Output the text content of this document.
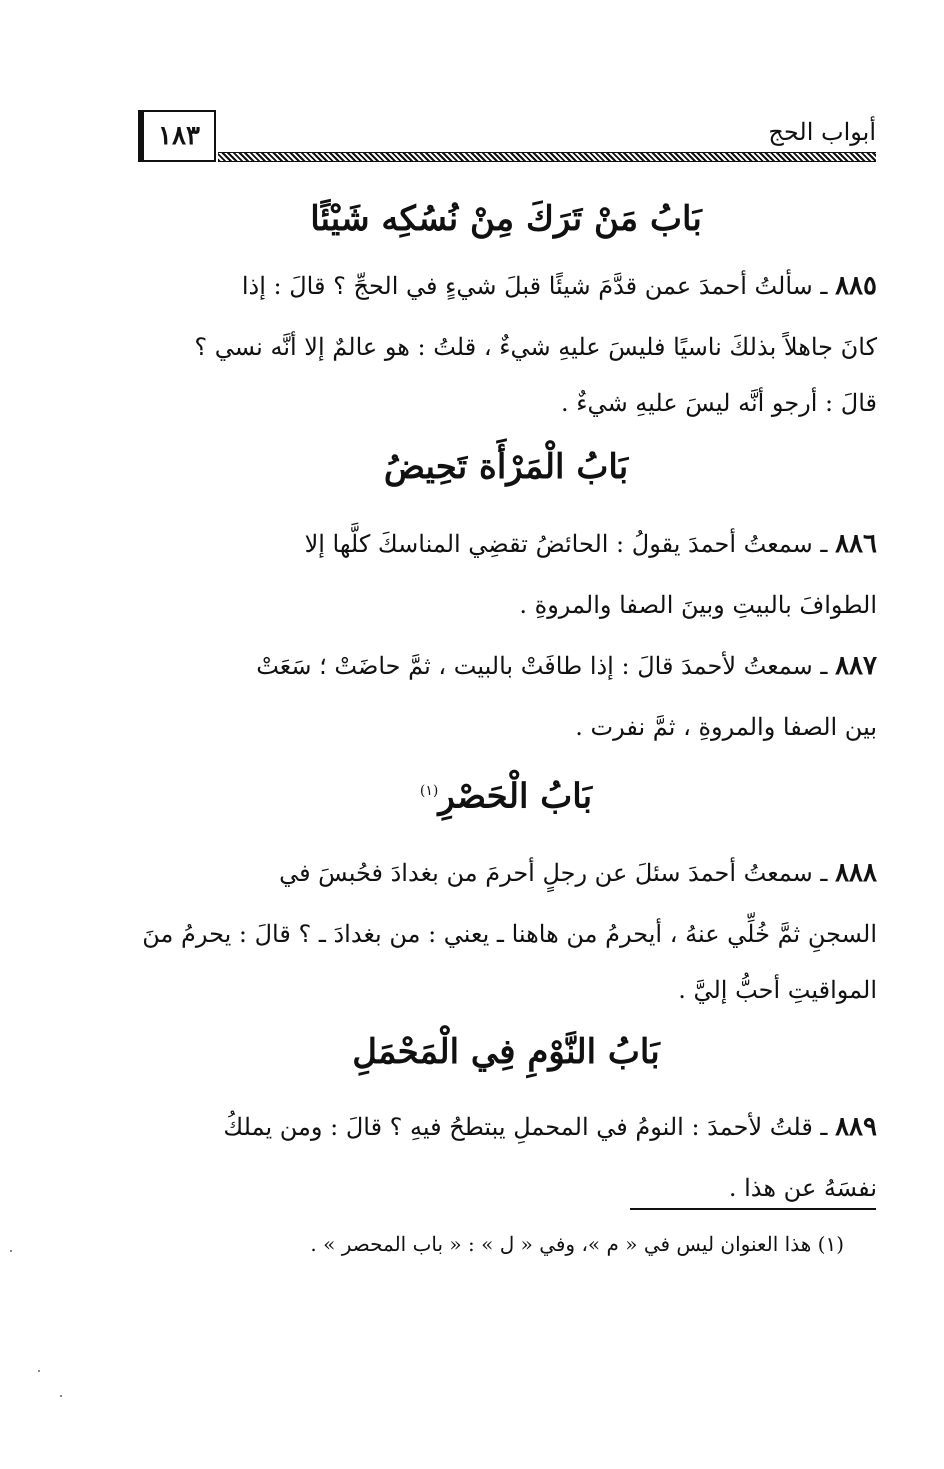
١٨٣	أبواب الحج
بَابُ مَنْ تَرَكَ مِنْ نُسُكِه شَيْئًا

٨٨٥ ـ سألتُ أحمدَ عمن قدَّمَ شيئًا قبلَ شيءٍ في الحجِّ ؟ قالَ : إذا

كانَ جاهلاً بذلكَ ناسيًا فليسَ عليهِ شيءٌ ، قلتُ : هو عالمٌ إلا أنَّه نسي ؟

قالَ : أرجو أنَّه ليسَ عليهِ شيءٌ .

بَابُ الْمَرْأَة تَحِيضُ

٨٨٦ ـ سمعتُ أحمدَ يقولُ : الحائضُ تقضِي المناسكَ كلَّها إلا

الطوافَ بالبيتِ وبينَ الصفا والمروةِ .

٨٨٧ ـ سمعتُ لأحمدَ قالَ : إذا طافَتْ بالبيت ، ثمَّ حاضَتْ ؛ سَعَتْ

بين الصفا والمروةِ ، ثمَّ نفرت .

بَابُ الْحَصْرِ$^{(١)}$

٨٨٨ ـ سمعتُ أحمدَ سئلَ عن رجلٍ أحرمَ من بغدادَ فحُبسَ في

السجنِ ثمَّ خُلِّي عنهُ ، أيحرمُ من هاهنا ـ يعني : من بغدادَ ـ ؟ قالَ : يحرمُ منَ

المواقيتِ أحبُّ إليَّ .

بَابُ النَّوْمِ فِي الْمَحْمَلِ

٨٨٩ ـ قلتُ لأحمدَ : النومُ في المحملِ يبتطحُ فيهِ ؟ قالَ : ومن يملكُ

نفسَهُ عن هذا .

(١) هذا العنوان ليس في « م »، وفي « ل » : « باب المحصر » .
